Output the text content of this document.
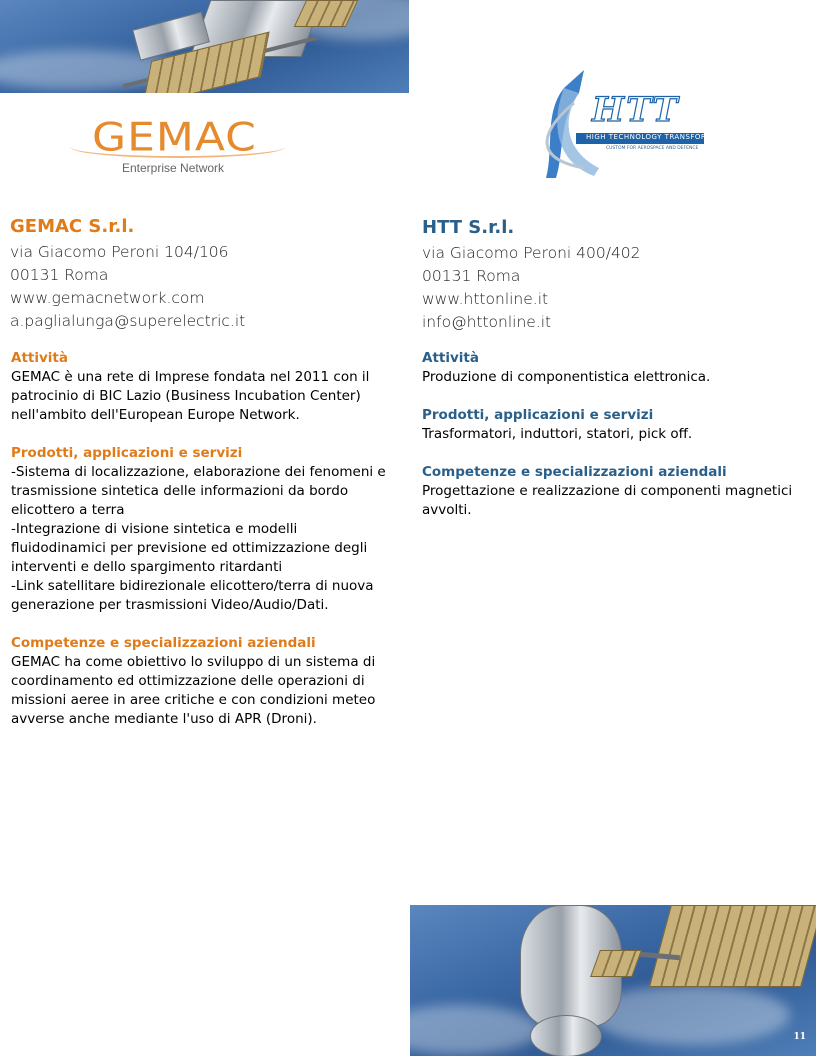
GEMAC
Enterprise Network
HTT
HIGH TECHNOLOGY TRANSFORMERS
CUSTOM FOR AEROSPACE AND DEFENCE

GEMAC S.r.l.

via Giacomo Peroni 104/106

00131 Roma

www.gemacnetwork.com

a.paglialunga@superelectric.it

Attività

GEMAC è una rete di Imprese fondata nel 2011 con il

patrocinio di BIC Lazio (Business Incubation Center)

nell'ambito dell'European Europe Network.

Prodotti, applicazioni e servizi

-Sistema di localizzazione, elaborazione dei fenomeni e

trasmissione sintetica delle informazioni da bordo

elicottero a terra

-Integrazione di visione sintetica e modelli

fluidodinamici per previsione ed ottimizzazione degli

interventi e dello spargimento ritardanti

-Link satellitare bidirezionale elicottero/terra di nuova

generazione per trasmissioni Video/Audio/Dati.

Competenze e specializzazioni aziendali

GEMAC ha come obiettivo lo sviluppo di un sistema di

coordinamento ed ottimizzazione delle operazioni di

missioni aeree in aree critiche e con condizioni meteo

avverse anche mediante l'uso di APR (Droni).

HTT S.r.l.

via Giacomo Peroni 400/402

00131 Roma

www.httonline.it

info@httonline.it

Attività

Produzione di componentistica elettronica.

Prodotti, applicazioni e servizi

Trasformatori, induttori, statori, pick off.

Competenze e specializzazioni aziendali

Progettazione e realizzazione di componenti magnetici

avvolti.

11
